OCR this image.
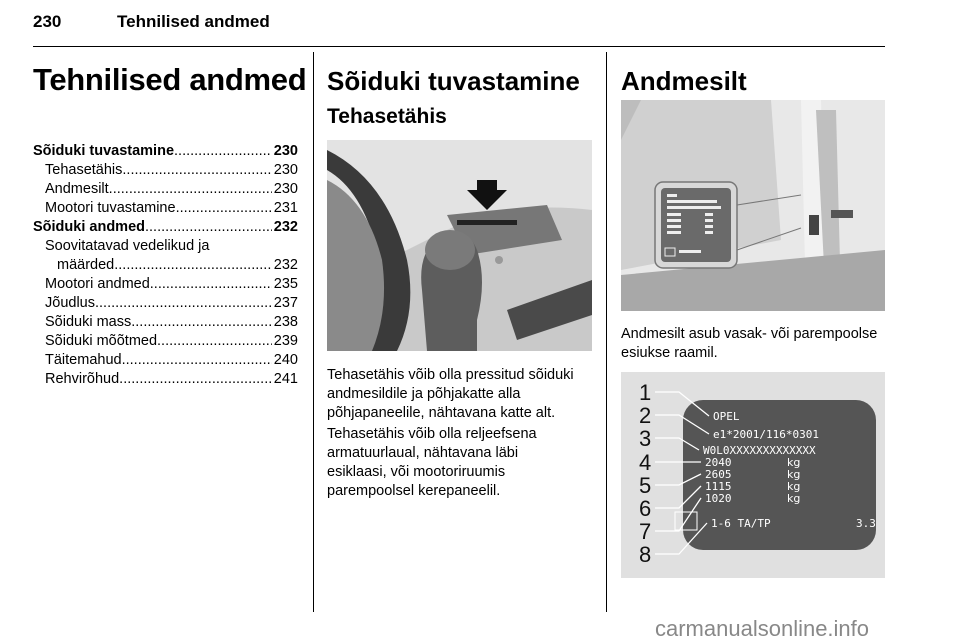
230	Tehnilised andmed
Tehnilised andmed
Sõiduki tuvastamine .....	230
Tehasetähis .....	230
Andmesilt .....	230
Mootori tuvastamine .....	231
Sõiduki andmed .....	232
Soovitatavad vedelikud ja
määrded .....	232
Mootori andmed .....	235
Jõudlus .....	237
Sõiduki mass .....	238
Sõiduki mõõtmed .....	239
Täitemahud .....	240
Rehvirõhud .....	241
Sõiduki tuvastamine
Tehasetähis
Tehasetähis võib olla pressitud sõiduki andmesildile ja põhjakatte alla põhjapaneelile, nähtavana katte alt.
Tehasetähis võib olla reljeefsena armatuurlaual, nähtavana läbi esiklaasi, või mootoriruumis parempoolsel kerepaneelil.
Andmesilt
Andmesilt asub vasak- või parempoolse esiukse raamil.
1
2
3
4
5
6
7
8
OPEL
e1*2001/116*0301
W0L0XXXXXXXXXXXXX
2040
2605
1115
1020
1-6 TA/TP
kg
kg
kg
kg
3.3
carmanualsonline.info
